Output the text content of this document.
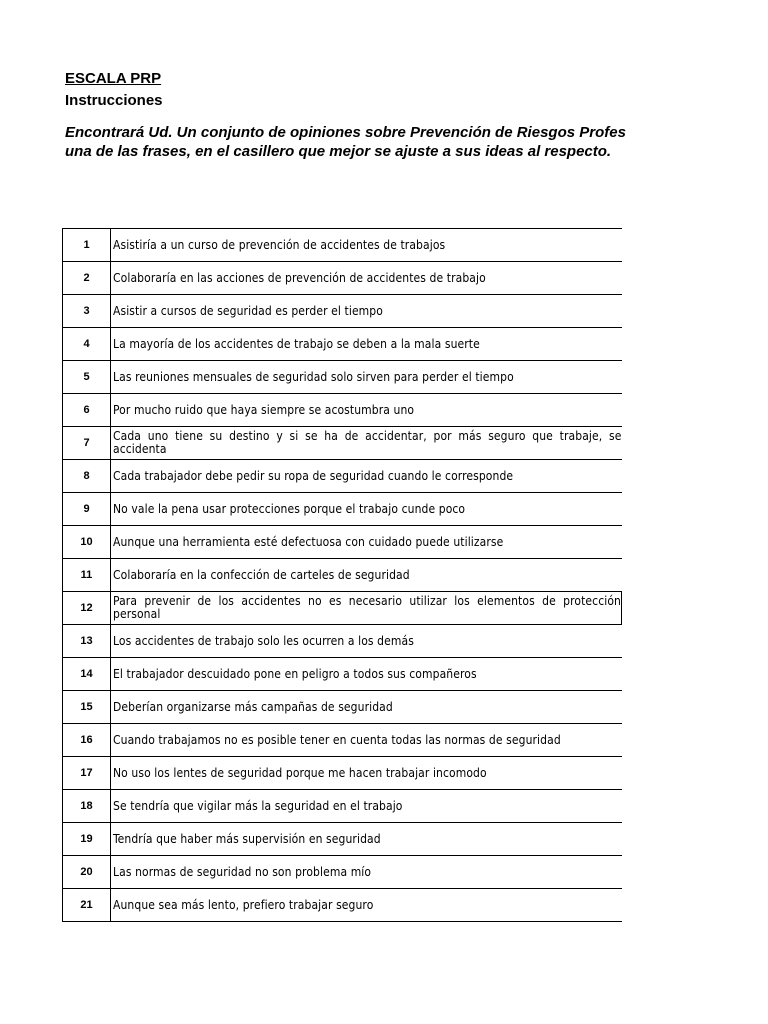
ESCALA PRP
Instrucciones

Encontrará Ud. Un conjunto de opiniones sobre Prevención de Riesgos Profes
una de las frases, en el casillero que mejor se ajuste a sus ideas al respecto.

1	Asistiría a un curso de prevención de accidentes de trabajos
2	Colaboraría en las acciones de prevención de accidentes de trabajo
3	Asistir a cursos de seguridad es perder el tiempo
4	La mayoría de los accidentes de trabajo se deben a la mala suerte
5	Las reuniones mensuales de seguridad solo sirven para perder el tiempo
6	Por mucho ruido que haya siempre se acostumbra uno
7	Cada uno tiene su destino y si se ha de accidentar, por más seguro que trabaje, se accidenta
8	Cada trabajador debe pedir su ropa de seguridad cuando le corresponde
9	No vale la pena usar protecciones porque el trabajo cunde poco
10	Aunque una herramienta esté defectuosa con cuidado puede utilizarse
11	Colaboraría en la confección de carteles de seguridad
12	Para prevenir de los accidentes no es necesario utilizar los elementos de protección personal
13	Los accidentes de trabajo solo les ocurren a los demás
14	El trabajador descuidado pone en peligro a todos sus compañeros
15	Deberían organizarse más campañas de seguridad
16	Cuando trabajamos no es posible tener en cuenta todas las normas de seguridad
17	No uso los lentes de seguridad porque me hacen trabajar incomodo
18	Se tendría que vigilar más la seguridad en el trabajo
19	Tendría que haber más supervisión en seguridad
20	Las normas de seguridad no son problema mío
21	Aunque sea más lento, prefiero trabajar seguro
